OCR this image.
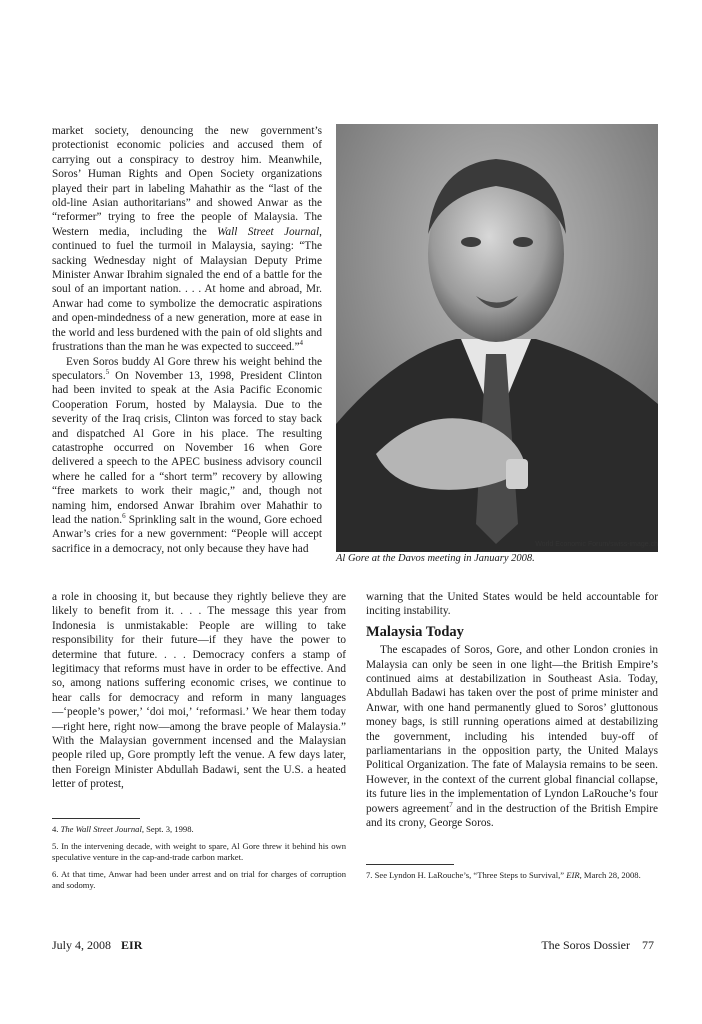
market society, denouncing the new government’s protectionist economic policies and accused them of carrying out a conspiracy to destroy him. Meanwhile, Soros’ Human Rights and Open Society organizations played their part in labeling Mahathir as the “last of the old-line Asian authoritarians” and showed Anwar as the “reformer” trying to free the people of Malaysia. The Western media, including the Wall Street Journal, continued to fuel the turmoil in Malaysia, saying: “The sacking Wednesday night of Malaysian Deputy Prime Minister Anwar Ibrahim signaled the end of a battle for the soul of an important nation. . . . At home and abroad, Mr. Anwar had come to symbolize the democratic aspirations and open-mindedness of a new generation, more at ease in the world and less burdened with the pain of old slights and frustrations than the man he was expected to succeed.”$^4$

Even Soros buddy Al Gore threw his weight behind the speculators.$^5$ On November 13, 1998, President Clinton had been invited to speak at the Asia Pacific Economic Cooperation Forum, hosted by Malaysia. Due to the severity of the Iraq crisis, Clinton was forced to stay back and dispatched Al Gore in his place. The resulting catastrophe occurred on November 16 when Gore delivered a speech to the APEC business advisory council where he called for a “short term” recovery by allowing “free markets to work their magic,” and, though not naming him, endorsed Anwar Ibrahim over Mahathir to lead the nation.$^6$ Sprinkling salt in the wound, Gore echoed Anwar’s cries for a new government: “People will accept sacrifice in a democracy, not only because they have had	World Economic Forum/swiss-image.ch
Al Gore at the Davos meeting in January 2008.

a role in choosing it, but because they rightly believe they are likely to benefit from it. . . . The message this year from Indonesia is unmistakable: People are willing to take responsibility for their future—if they have the power to determine that future. . . . Democracy confers a stamp of legitimacy that reforms must have in order to be effective. And so, among nations suffering economic crises, we continue to hear calls for democracy and reform in many languages—‘people’s power,’ ‘doi moi,’ ‘reformasi.’ We hear them today—right here, right now—among the brave people of Malaysia.” With the Malaysian government incensed and the Malaysian people riled up, Gore promptly left the venue. A few days later, then Foreign Minister Abdullah Badawi, sent the U.S. a heated letter of protest,

warning that the United States would be held accountable for inciting instability.

Malaysia Today

The escapades of Soros, Gore, and other London cronies in Malaysia can only be seen in one light—the British Empire’s continued aims at destabilization in Southeast Asia. Today, Abdullah Badawi has taken over the post of prime minister and Anwar, with one hand permanently glued to Soros’ gluttonous money bags, is still running operations aimed at destabilizing the government, including his intended buy-off of parliamentarians in the opposition party, the United Malays Political Organization. The fate of Malaysia remains to be seen. However, in the context of the current global financial collapse, its future lies in the implementation of Lyndon LaRouche’s four powers agreement$^7$ and in the destruction of the British Empire and its crony, George Soros.

4. The Wall Street Journal, Sept. 3, 1998.

5. In the intervening decade, with weight to spare, Al Gore threw it behind his own speculative venture in the cap-and-trade carbon market.

6. At that time, Anwar had been under arrest and on trial for charges of corruption and sodomy.

7. See Lyndon H. LaRouche’s, “Three Steps to Survival,” EIR, March 28, 2008.

July 4, 2008 EIR	The Soros Dossier 77
